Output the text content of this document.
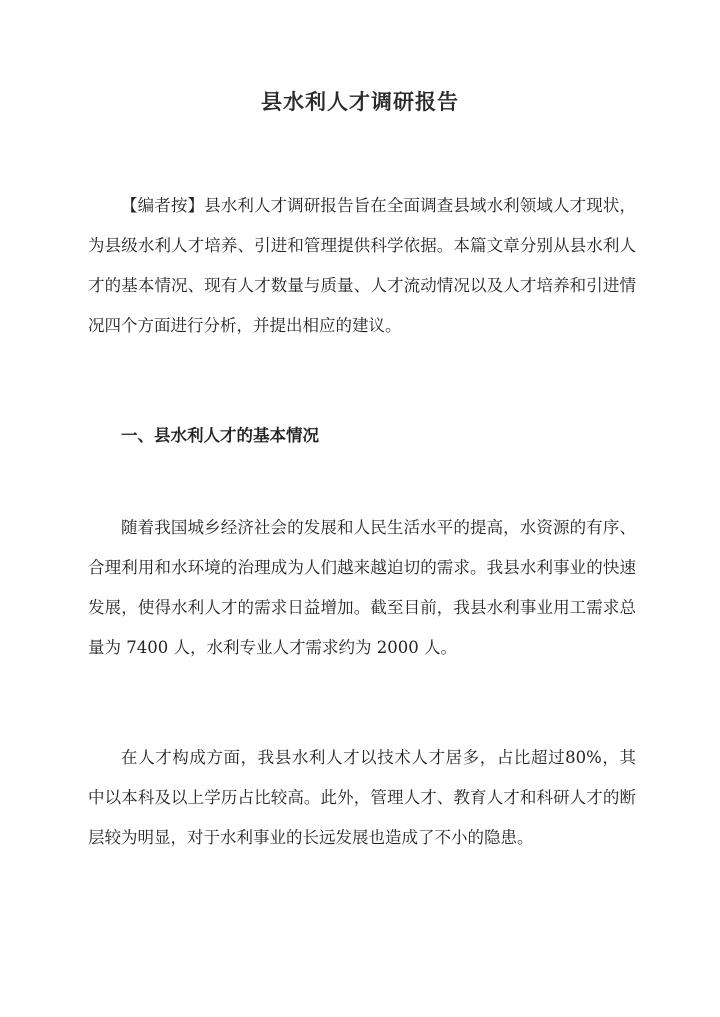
县水利人才调研报告

【编者按】县水利人才调研报告旨在全面调查县域水利领域人才现状，为县级水利人才培养、引进和管理提供科学依据。本篇文章分别从县水利人才的基本情况、现有人才数量与质量、人才流动情况以及人才培养和引进情况四个方面进行分析，并提出相应的建议。

一、县水利人才的基本情况

随着我国城乡经济社会的发展和人民生活水平的提高，水资源的有序、合理利用和水环境的治理成为人们越来越迫切的需求。我县水利事业的快速发展，使得水利人才的需求日益增加。截至目前，我县水利事业用工需求总量为 7400 人，水利专业人才需求约为 2000 人。

在人才构成方面，我县水利人才以技术人才居多，占比超过80%，其中以本科及以上学历占比较高。此外，管理人才、教育人才和科研人才的断层较为明显，对于水利事业的长远发展也造成了不小的隐患。
